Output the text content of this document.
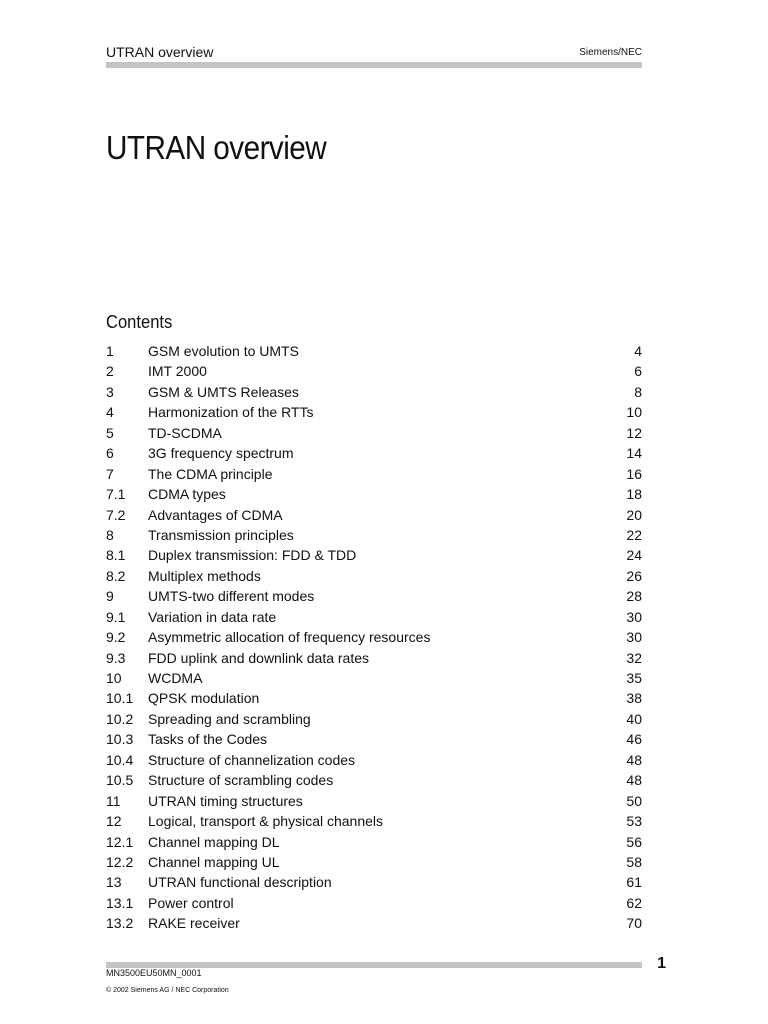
UTRAN overview	Siemens/NEC
UTRAN overview
Contents
1 GSM evolution to UMTS	4
2 IMT 2000	6
3 GSM & UMTS Releases	8
4 Harmonization of the RTTs	10
5 TD-SCDMA	12
6 3G frequency spectrum	14
7 The CDMA principle	16
7.1 CDMA types	18
7.2 Advantages of CDMA	20
8 Transmission principles	22
8.1 Duplex transmission: FDD & TDD	24
8.2 Multiplex methods	26
9 UMTS-two different modes	28
9.1 Variation in data rate	30
9.2 Asymmetric allocation of frequency resources	30
9.3 FDD uplink and downlink data rates	32
10 WCDMA	35
10.1 QPSK modulation	38
10.2 Spreading and scrambling	40
10.3 Tasks of the Codes	46
10.4 Structure of channelization codes	48
10.5 Structure of scrambling codes	48
11 UTRAN timing structures	50
12 Logical, transport & physical channels	53
12.1 Channel mapping DL	56
12.2 Channel mapping UL	58
13 UTRAN functional description	61
13.1 Power control	62
13.2 RAKE receiver	70
1
MN3500EU50MN_0001
© 2002 Siemens AG / NEC Corporation
